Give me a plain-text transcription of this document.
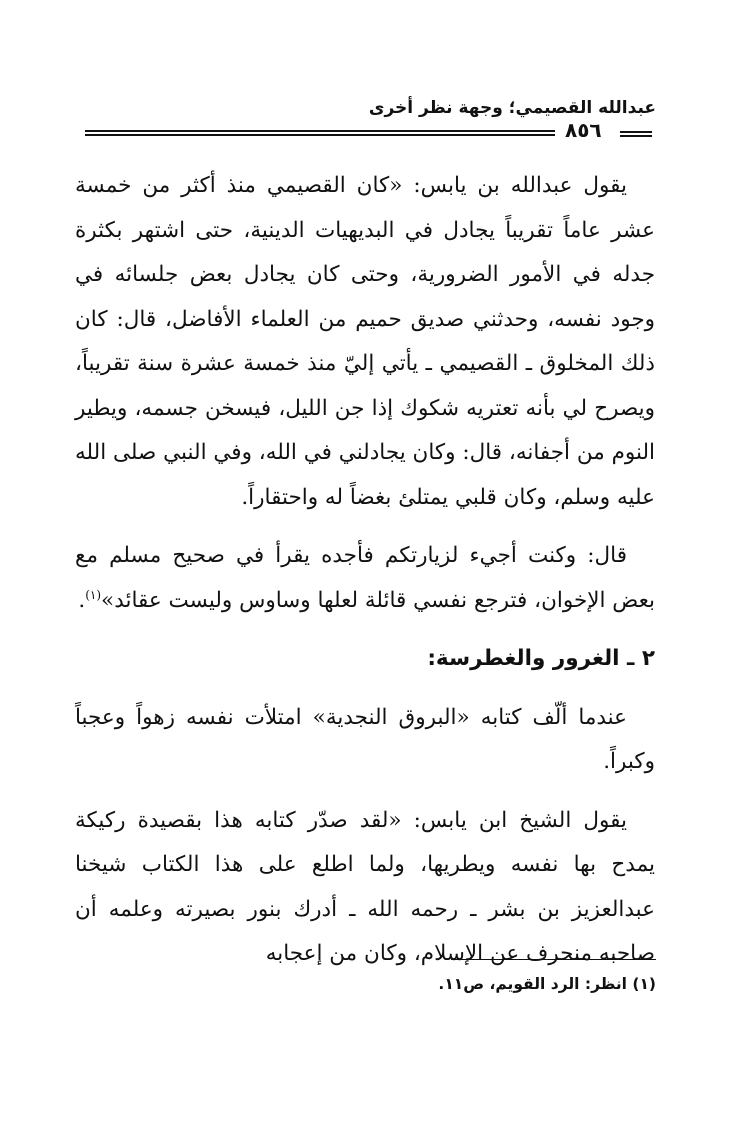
عبدالله القصيمي؛ وجهة نظر أخرى
٨٥٦

يقول عبدالله بن يابس: «كان القصيمي منذ أكثر من خمسة عشر عاماً تقريباً يجادل في البديهيات الدينية، حتى اشتهر بكثرة جدله في الأمور الضرورية، وحتى كان يجادل بعض جلسائه في وجود نفسه، وحدثني صديق حميم من العلماء الأفاضل، قال: كان ذلك المخلوق ـ القصيمي ـ يأتي إليّ منذ خمسة عشرة سنة تقريباً، ويصرح لي بأنه تعتريه شكوك إذا جن الليل، فيسخن جسمه، ويطير النوم من أجفانه، قال: وكان يجادلني في الله، وفي النبي صلى الله عليه وسلم، وكان قلبي يمتلئ بغضاً له واحتقاراً.

قال: وكنت أجيء لزيارتكم فأجده يقرأ في صحيح مسلم مع بعض الإخوان، فترجع نفسي قائلة لعلها وساوس وليست عقائد»$^{(١)}$.

٢ ـ الغرور والغطرسة:

عندما ألّف كتابه «البروق النجدية» امتلأت نفسه زهواً وعجباً وكبراً.

يقول الشيخ ابن يابس: «لقد صدّر كتابه هذا بقصيدة ركيكة يمدح بها نفسه ويطريها، ولما اطلع على هذا الكتاب شيخنا عبدالعزيز بن بشر ـ رحمه الله ـ أدرك بنور بصيرته وعلمه أن صاحبه منحرف عن الإسلام، وكان من إعجابه

(١) انظر: الرد القويم، ص١١.
